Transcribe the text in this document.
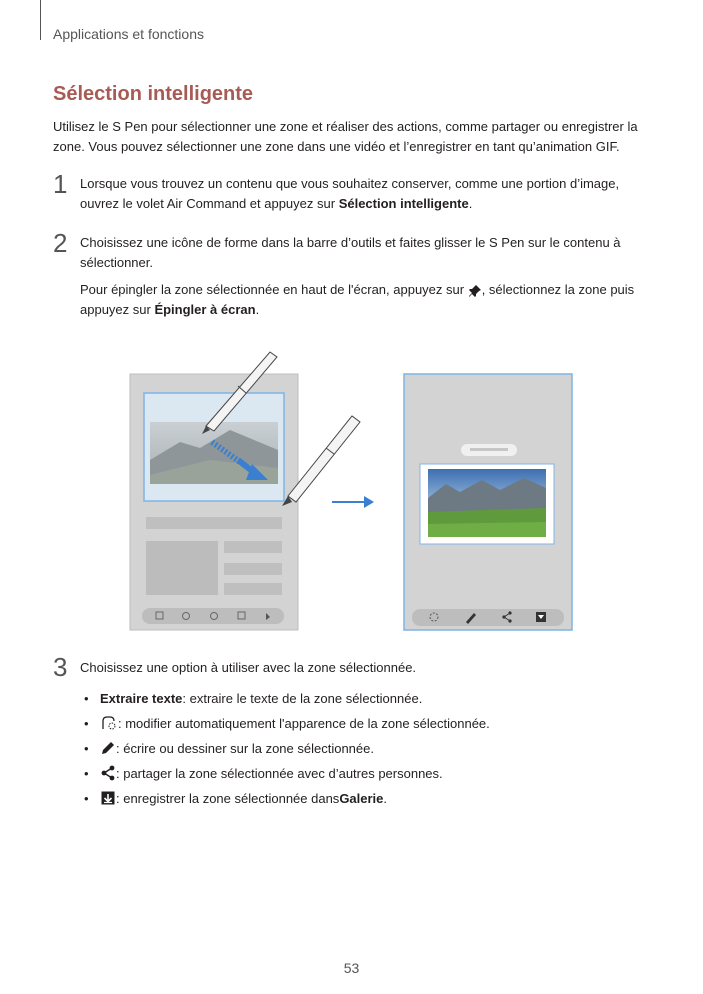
Applications et fonctions
Sélection intelligente
Utilisez le S Pen pour sélectionner une zone et réaliser des actions, comme partager ou enregistrer la zone. Vous pouvez sélectionner une zone dans une vidéo et l’enregistrer en tant qu’animation GIF.
1 Lorsque vous trouvez un contenu que vous souhaitez conserver, comme une portion d’image, ouvrez le volet Air Command et appuyez sur Sélection intelligente.
2 Choisissez une icône de forme dans la barre d’outils et faites glisser le S Pen sur le contenu à sélectionner.
Pour épingler la zone sélectionnée en haut de l'écran, appuyez sur , sélectionnez la zone puis appuyez sur Épingler à écran.
3 Choisissez une option à utiliser avec la zone sélectionnée.
• Extraire texte : extraire le texte de la zone sélectionnée.
•	: modifier automatiquement l'apparence de la zone sélectionnée.
•	: écrire ou dessiner sur la zone sélectionnée.
•	: partager la zone sélectionnée avec d’autres personnes.
•	: enregistrer la zone sélectionnée dans Galerie .
53
